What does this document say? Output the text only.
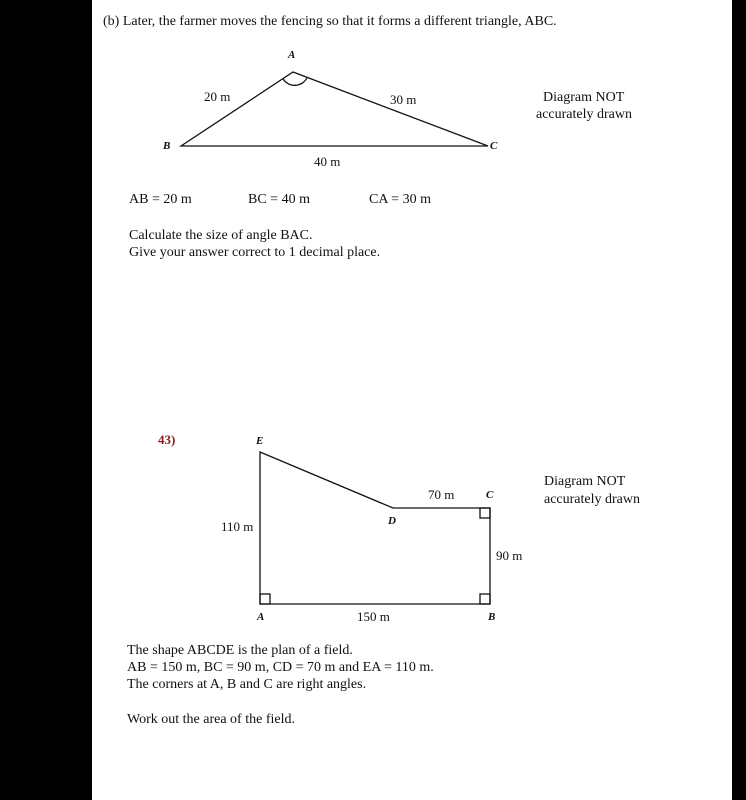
(b) Later, the farmer moves the fencing so that it forms a different triangle, ABC.
A
B	C
20 m	30 m
40 m
Diagram NOT
accurately drawn
AB = 20 m	BC = 40 m	CA = 30 m
Calculate the size of angle BAC.
Give your answer correct to 1 decimal place.
43)	E
D
C
A	B
70 m
110 m
90 m
150 m
Diagram NOT
accurately drawn
The shape ABCDE is the plan of a field.
AB = 150 m, BC = 90 m, CD = 70 m and EA = 110 m.
The corners at A, B and C are right angles.
Work out the area of the field.
